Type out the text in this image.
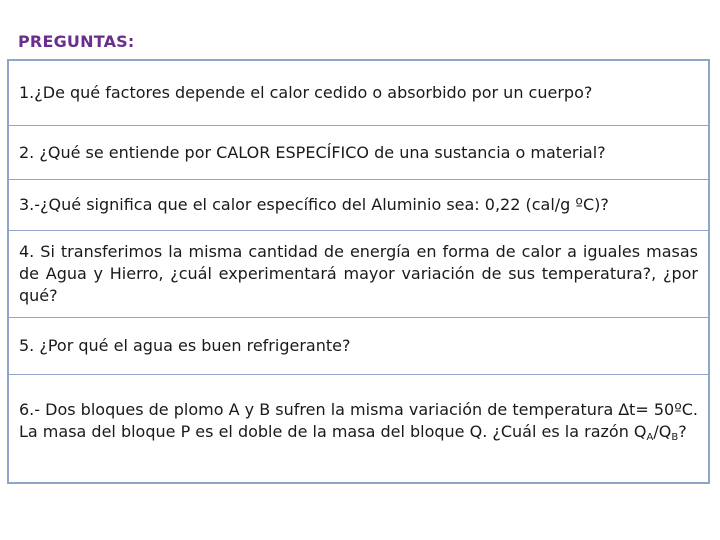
PREGUNTAS:
1.¿De qué factores depende el calor cedido o absorbido por un cuerpo?
2. ¿Qué se entiende por CALOR ESPECÍFICO de una sustancia o material?
3.-¿Qué significa que el calor específico del Aluminio sea: 0,22 (cal/g ºC)?
4. Si transferimos la misma cantidad de energía en forma de calor a iguales masas de Agua y Hierro, ¿cuál experimentará mayor variación de sus temperatura?, ¿por qué?
5. ¿Por qué el agua es buen refrigerante?
6.- Dos bloques de plomo A y B sufren la misma variación de temperatura ∆t= 50ºC. La masa del bloque P es el doble de la masa del bloque Q. ¿Cuál es la razón $Q_A/Q_B$?
